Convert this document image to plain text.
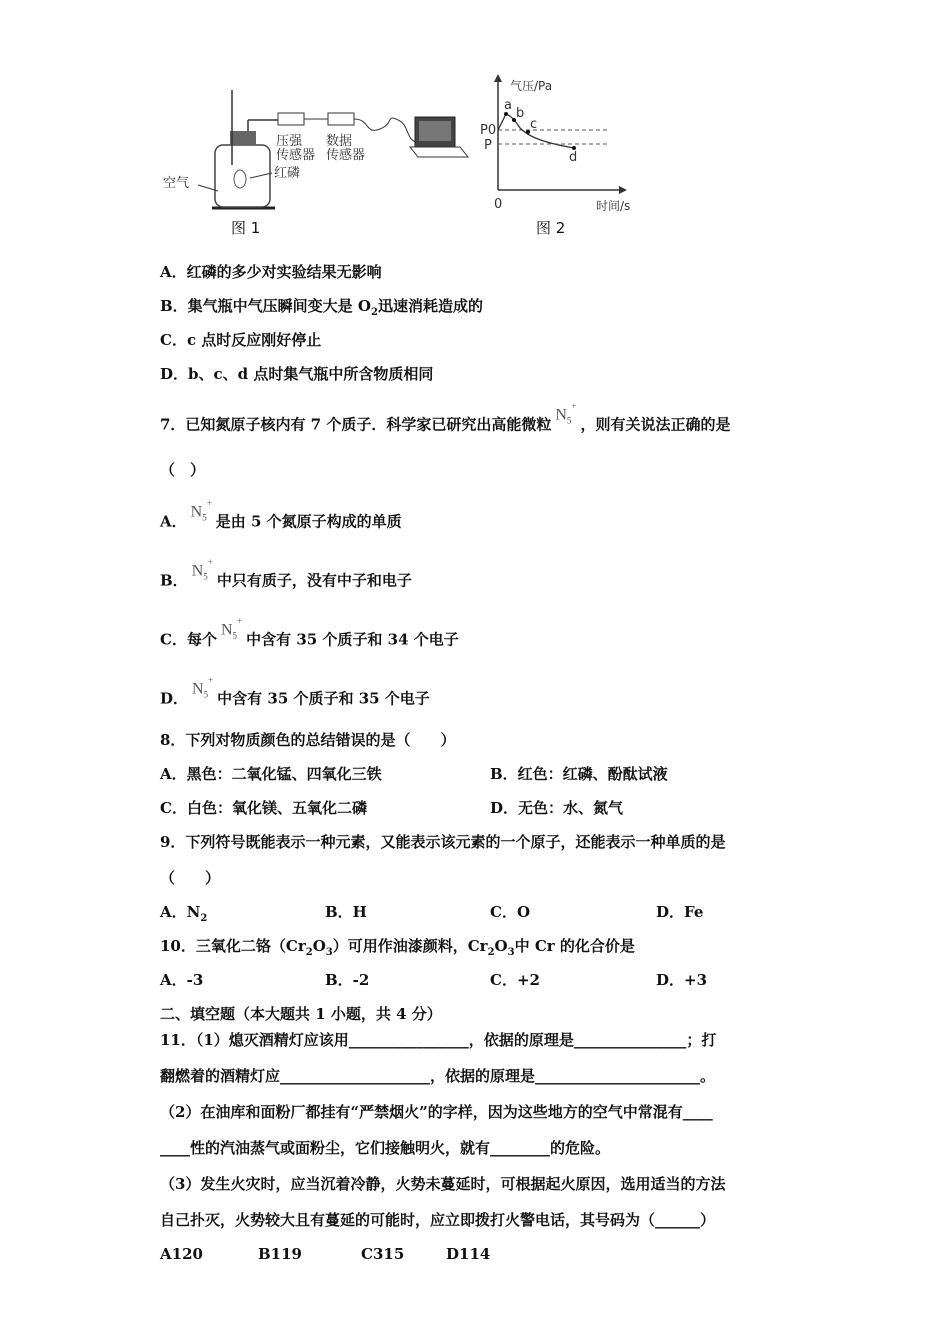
压强
传感器
数据
传感器
红磷
空气
图 1
a
b
c
d
气压/Pa
时间/s
0
P0
P
图 2
A．红磷的多少对实验结果无影响
B．集气瓶中气压瞬间变大是 $O_2$迅速消耗造成的
C．c 点时反应刚好停止
D．b、c、d 点时集气瓶中所含物质相同
7．已知氮原子核内有 7 个质子．科学家已研究出高能微粒$N_5^+$，则有关说法正确的是
（　）
A．$N_5^+$是由 5 个氮原子构成的单质
B．$N_5^+$中只有质子，没有中子和电子
C．每个$N_5^+$中含有 35 个质子和 34 个电子
D．$N_5^+$中含有 35 个质子和 35 个电子
8．下列对物质颜色的总结错误的是（　　）
A．黑色：二氧化锰、四氧化三铁	B．红色：红磷、酚酞试液
C．白色：氧化镁、五氧化二磷	D．无色：水、氮气
9．下列符号既能表示一种元素，又能表示该元素的一个原子，还能表示一种单质的是
（　　）
A．$N_2$	B．H	C．O	D．Fe
10．三氧化二铬$(Cr_2O_3)$可用作油漆颜料，$Cr_2O_3$中 Cr 的化合价是
A．-3	B．-2	C．+2	D．+3
二、填空题（本大题共 1 小题，共 4 分）
11．（1）熄灭酒精灯应该用________________，依据的原理是_______________；打
翻燃着的酒精灯应____________________，依据的原理是______________________。
（2）在油库和面粉厂都挂有“严禁烟火”的字样，因为这些地方的空气中常混有____
____性的汽油蒸气或面粉尘，它们接触明火，就有________的危险。
（3）发生火灾时，应当沉着冷静，火势未蔓延时，可根据起火原因，选用适当的方法
自己扑灭，火势较大且有蔓延的可能时，应立即拨打火警电话，其号码为（______）
A120	B119	C315	D114
